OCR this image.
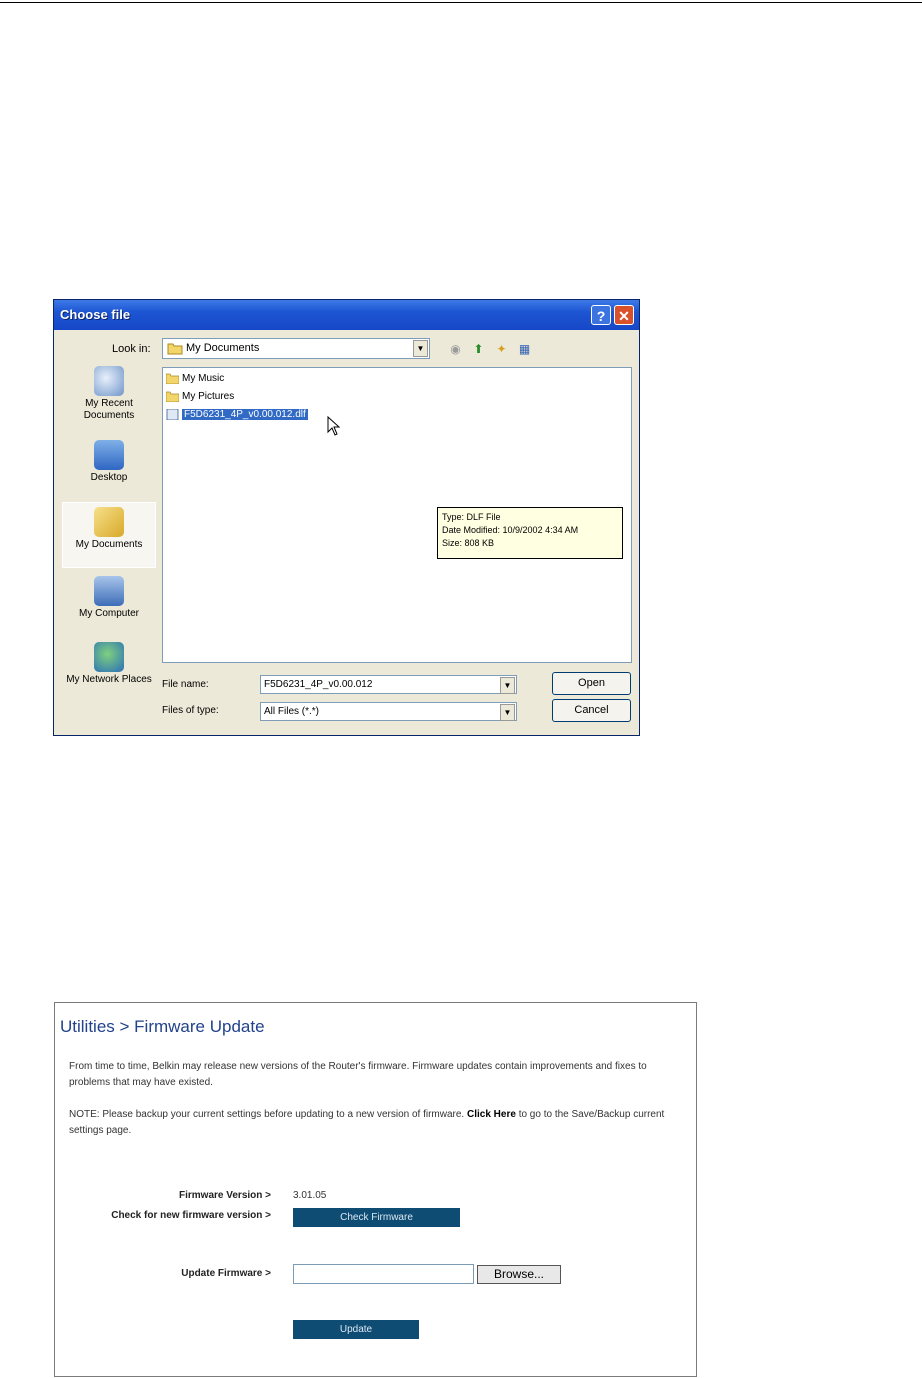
Choose file	? ✕
Look in:	My Documents	▼ ◉ ⬆ ✦ ▦
My Recent Documents
Desktop
My Documents
My Computer
My Network Places
My Music
My Pictures
F5D6231_4P_v0.00.012.dlf
Type: DLF File
Date Modified: 10/9/2002 4:34 AM
Size: 808 KB
File name:	F5D6231_4P_v0.00.012	▼	Open
Files of type:	All Files (*.*)	▼	Cancel
Utilities > Firmware Update
From time to time, Belkin may release new versions of the Router's firmware. Firmware updates contain improvements and fixes to problems that may have existed.
NOTE: Please backup your current settings before updating to a new version of firmware. Click Here to go to the Save/Backup current settings page.
Firmware Version > 3.01.05
Check for new firmware version >	Check Firmware
Update Firmware >	Browse...
Update
